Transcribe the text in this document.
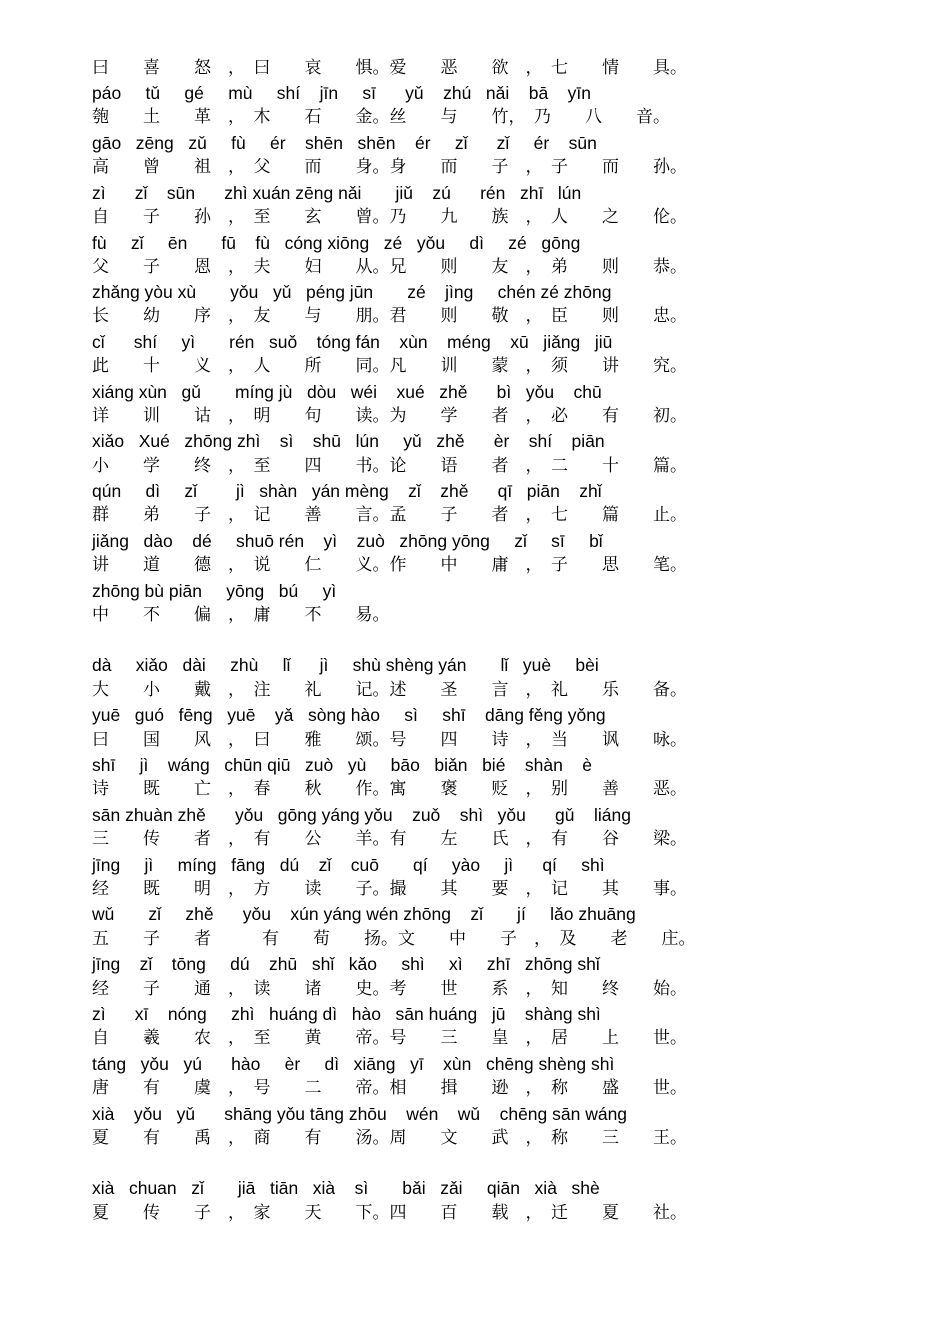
曰　　喜　　怒　，　曰　　哀　　惧。爱　　恶　　欲　，　七　　情　　具。
páo     tǔ     gé     mù     shí    jīn     sī      yǔ    zhú   nǎi    bā    yīn
匏　　土　　革　，　木　　石　　金。丝　　与　　竹，　乃　　八　　音。
gāo   zēng   zǔ     fù     ér    shēn   shēn    ér     zǐ      zǐ     ér    sūn
高　　曾　　祖　，　父　　而　　身。身　　而　　子　，　子　　而　　孙。
zì      zǐ    sūn      zhì xuán zēng nǎi       jiǔ    zú      rén   zhī   lún
自　　子　　孙　，　至　　玄　　曾。乃　　九　　族　，　人　　之　　伦。
fù     zǐ     ēn       fū    fù   cóng xiōng   zé   yǒu     dì     zé   gōng
父　　子　　恩　，　夫　　妇　　从。兄　　则　　友　，　弟　　则　　恭。
zhǎng yòu xù       yǒu   yǔ   péng jūn       zé    jìng     chén zé zhōng
长　　幼　　序　，　友　　与　　朋。君　　则　　敬　，　臣　　则　　忠。
cǐ      shí     yì       rén   suǒ    tóng fán    xùn    méng    xū   jiǎng   jiū
此　　十　　义　，　人　　所　　同。凡　　训　　蒙　，　须　　讲　　究。
xiáng xùn   gǔ       míng jù   dòu   wéi    xué   zhě      bì   yǒu    chū
详　　训　　诂　，　明　　句　　读。为　　学　　者　，　必　　有　　初。
xiǎo   Xué   zhōng zhì    sì    shū   lún     yǔ   zhě      èr    shí    piān
小　　学　　终　，　至　　四　　书。论　　语　　者　，　二　　十　　篇。
qún     dì     zǐ        jì   shàn   yán mèng    zǐ    zhě      qī   piān    zhǐ
群　　弟　　子　，　记　　善　　言。孟　　子　　者　，　七　　篇　　止。
jiǎng   dào    dé     shuō rén    yì    zuò   zhōng yōng     zǐ     sī     bǐ
讲　　道　　德　，　说　　仁　　义。作　　中　　庸　，　子　　思　　笔。
zhōng bù piān     yōng   bú     yì
中　　不　　偏　，　庸　　不　　易。
dà     xiǎo   dài     zhù     lǐ      jì     shù shèng yán       lǐ   yuè     bèi
大　　小　　戴　，　注　　礼　　记。述　　圣　　言　，　礼　　乐　　备。
yuē   guó   fēng   yuē    yǎ   sòng hào     sì     shī    dāng fěng yǒng
曰　　国　　风　，　曰　　雅　　颂。号　　四　　诗　，　当　　讽　　咏。
shī     jì    wáng   chūn qiū   zuò   yù     bāo   biǎn   bié    shàn    è
诗　　既　　亡　，　春　　秋　　作。寓　　褒　　贬　，　别　　善　　恶。
sān zhuàn zhě      yǒu   gōng yáng yǒu    zuǒ    shì   yǒu      gǔ    liáng
三　　传　　者　，　有　　公　　羊。有　　左　　氏　，　有　　谷　　梁。
jīng     jì     míng   fāng   dú    zǐ    cuō       qí     yào     jì      qí     shì
经　　既　　明　，　方　　读　　子。撮　　其　　要　，　记　　其　　事。
wǔ       zǐ     zhě      yǒu    xún yáng wén zhōng    zǐ       jí     lǎo zhuāng
五　　子　　者　　　有　　荀　　扬。文　　中　　子　，　及　　老　　庄。
jīng    zǐ    tōng     dú    zhū   shǐ   kǎo     shì     xì     zhī   zhōng shǐ
经　　子　　通　，　读　　诸　　史。考　　世　　系　，　知　　终　　始。
zì      xī    nóng     zhì   huáng dì   hào   sān huáng   jū    shàng shì
自　　羲　　农　，　至　　黄　　帝。号　　三　　皇　，　居　　上　　世。
táng   yǒu   yú      hào     èr     dì   xiāng   yī    xùn   chēng shèng shì
唐　　有　　虞　，　号　　二　　帝。相　　揖　　逊　，　称　　盛　　世。
xià    yǒu   yǔ      shāng yǒu tāng zhōu    wén    wǔ    chēng sān wáng
夏　　有　　禹　，　商　　有　　汤。周　　文　　武　，　称　　三　　王。
xià   chuan   zǐ       jiā   tiān   xià    sì       bǎi   zǎi     qiān   xià   shè
夏　　传　　子　，　家　　天　　下。四　　百　　载　，　迁　　夏　　社。
